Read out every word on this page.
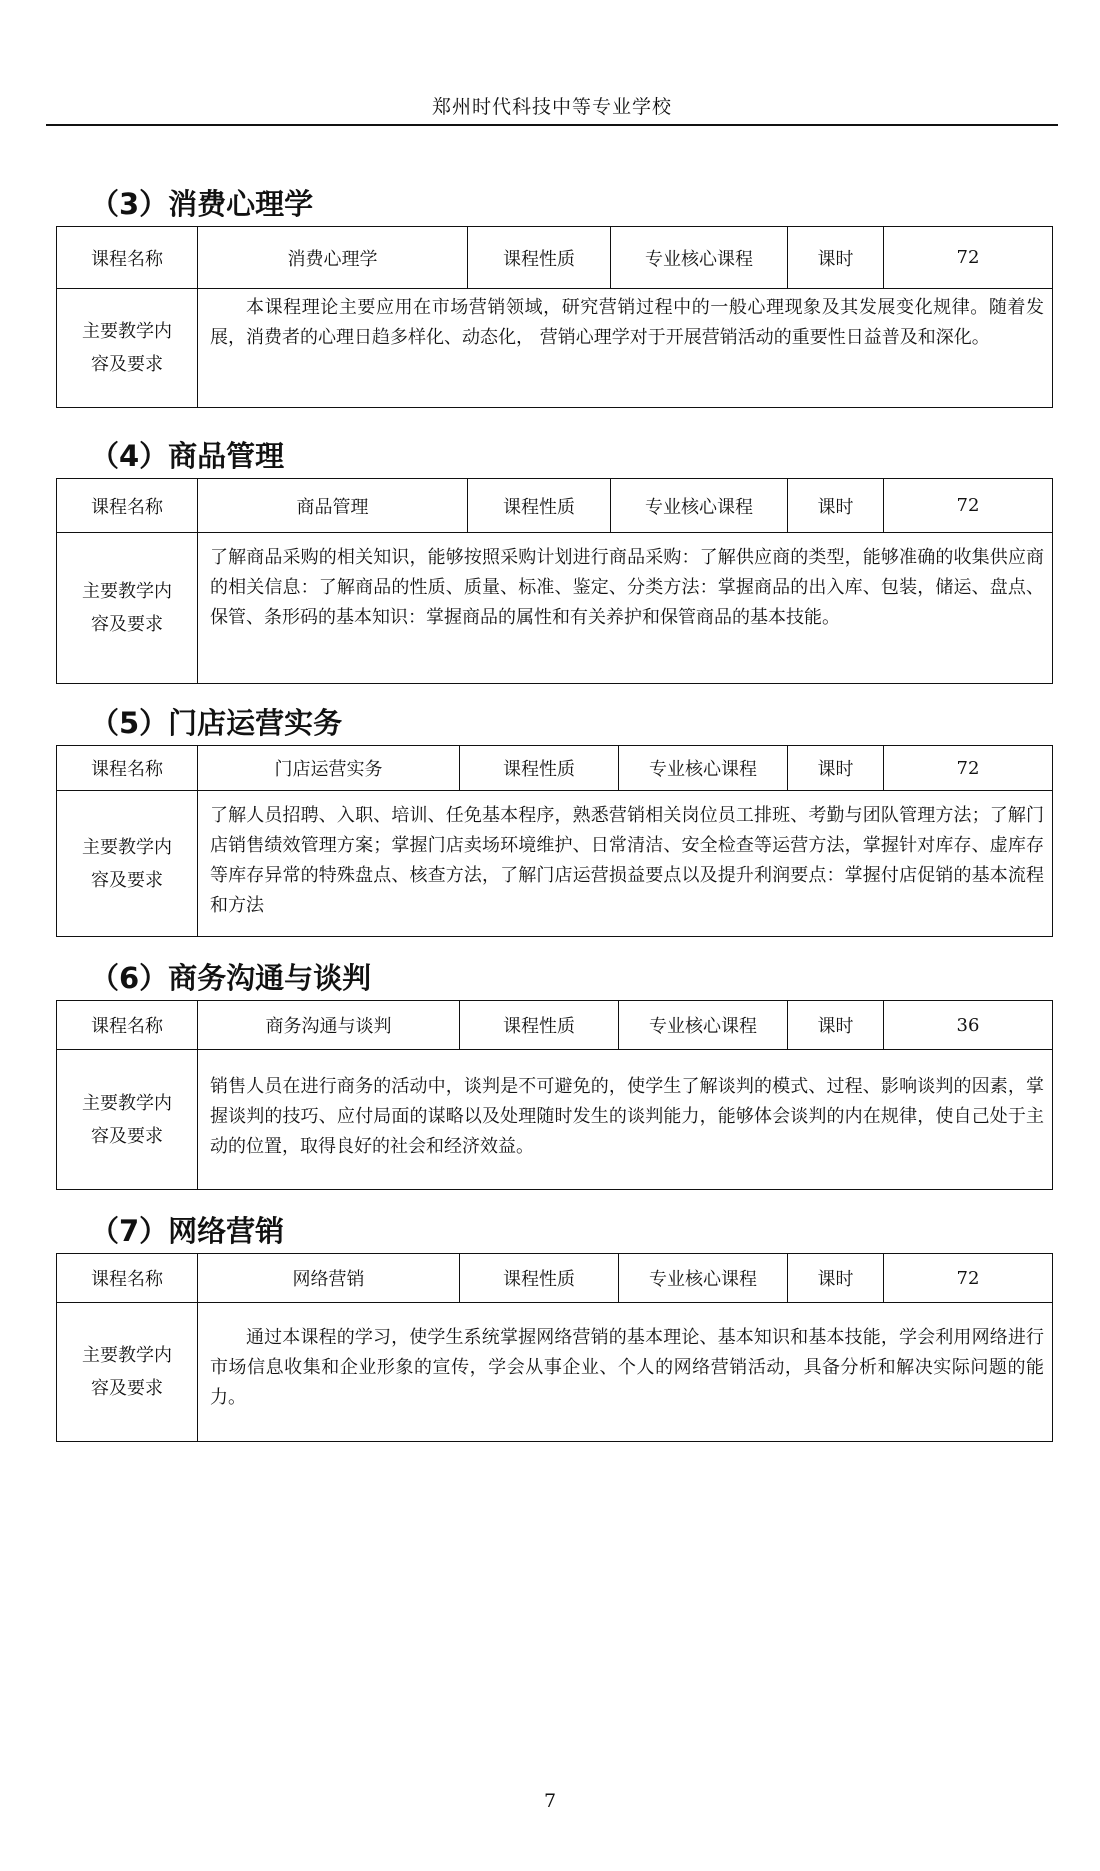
郑州时代科技中等专业学校
（3）消费心理学
课程名称	消费心理学	课程性质	专业核心课程	课时	72

主要教学内容及要求	本课程理论主要应用在市场营销领域，研究营销过程中的一般心理现象及其发展变化规律。随着发展，消费者的心理日趋多样化、动态化， 营销心理学对于开展营销活动的重要性日益普及和深化。				
（4）商品管理
课程名称	商品管理	课程性质	专业核心课程	课时	72

主要教学内容及要求	了解商品采购的相关知识，能够按照采购计划进行商品采购：了解供应商的类型，能够准确的收集供应商的相关信息：了解商品的性质、质量、标准、鉴定、分类方法：掌握商品的出入库、包装，储运、盘点、保管、条形码的基本知识：掌握商品的属性和有关养护和保管商品的基本技能。				
（5）门店运营实务
课程名称	门店运营实务	课程性质	专业核心课程	课时	72

主要教学内容及要求	了解人员招聘、入职、培训、任免基本程序，熟悉营销相关岗位员工排班、考勤与团队管理方法；了解门店销售绩效管理方案；掌握门店卖场环境维护、日常清洁、安全检查等运营方法，掌握针对库存、虚库存等库存异常的特殊盘点、核查方法，了解门店运营损益要点以及提升利润要点：掌握付店促销的基本流程和方法				
（6）商务沟通与谈判
课程名称	商务沟通与谈判	课程性质	专业核心课程	课时	36

主要教学内容及要求	销售人员在进行商务的活动中，谈判是不可避免的，使学生了解谈判的模式、过程、影响谈判的因素，掌握谈判的技巧、应付局面的谋略以及处理随时发生的谈判能力，能够体会谈判的内在规律，使自己处于主动的位置，取得良好的社会和经济效益。				
（7）网络营销
课程名称	网络营销	课程性质	专业核心课程	课时	72

主要教学内容及要求	通过本课程的学习，使学生系统掌握网络营销的基本理论、基本知识和基本技能，学会利用网络进行市场信息收集和企业形象的宣传，学会从事企业、个人的网络营销活动，具备分析和解决实际问题的能力。				
7
